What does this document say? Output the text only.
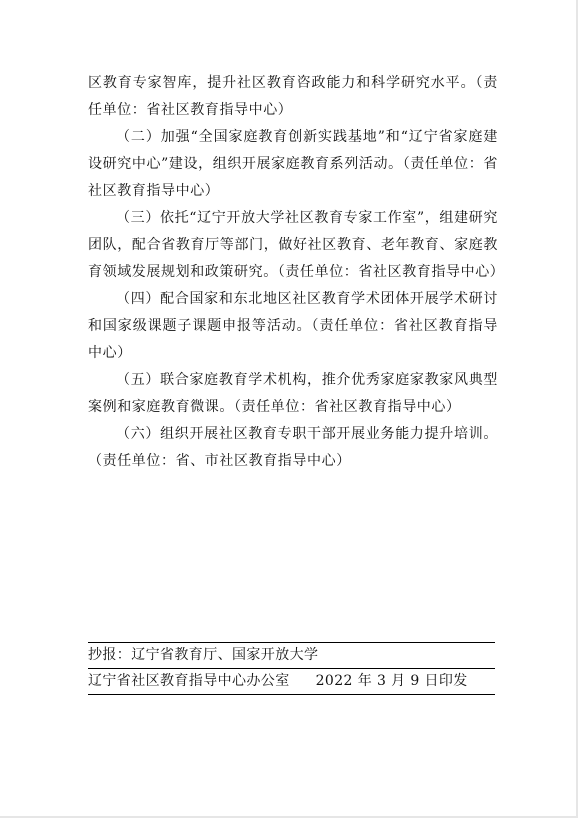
区教育专家智库，提升社区教育咨政能力和科学研究水平。（责任单位：省社区教育指导中心）

（二）加强“全国家庭教育创新实践基地”和“辽宁省家庭建设研究中心”建设，组织开展家庭教育系列活动。（责任单位：省社区教育指导中心）

（三）依托“辽宁开放大学社区教育专家工作室”，组建研究团队，配合省教育厅等部门，做好社区教育、老年教育、家庭教育领域发展规划和政策研究。（责任单位：省社区教育指导中心）

（四）配合国家和东北地区社区教育学术团体开展学术研讨和国家级课题子课题申报等活动。（责任单位：省社区教育指导中心）

（五）联合家庭教育学术机构，推介优秀家庭家教家风典型案例和家庭教育微课。（责任单位：省社区教育指导中心）

（六）组织开展社区教育专职干部开展业务能力提升培训。（责任单位：省、市社区教育指导中心）

抄报：辽宁省教育厅、国家开放大学
辽宁省社区教育指导中心办公室 2022 年 3 月 9 日印发
